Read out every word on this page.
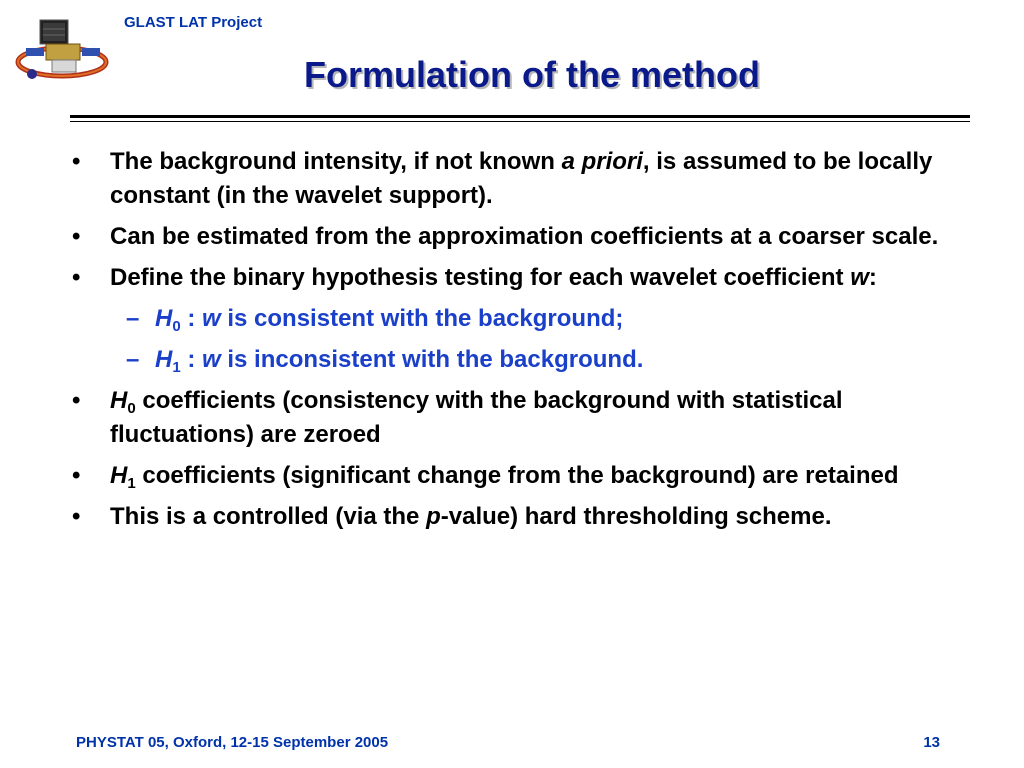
GLAST LAT Project
Formulation of the method
• The background intensity, if not known a priori, is assumed to be locally constant (in the wavelet support).
• Can be estimated from the approximation coefficients at a coarser scale.
• Define the binary hypothesis testing for each wavelet coefficient w:
– $H_0$ : w is consistent with the background;
– $H_1$ : w is inconsistent with the background.
• $H_0$ coefficients (consistency with the background with statistical fluctuations) are zeroed
• $H_1$ coefficients (significant change from the background) are retained
• This is a controlled (via the p-value) hard thresholding scheme.
PHYSTAT 05, Oxford, 12-15 September 2005	13
